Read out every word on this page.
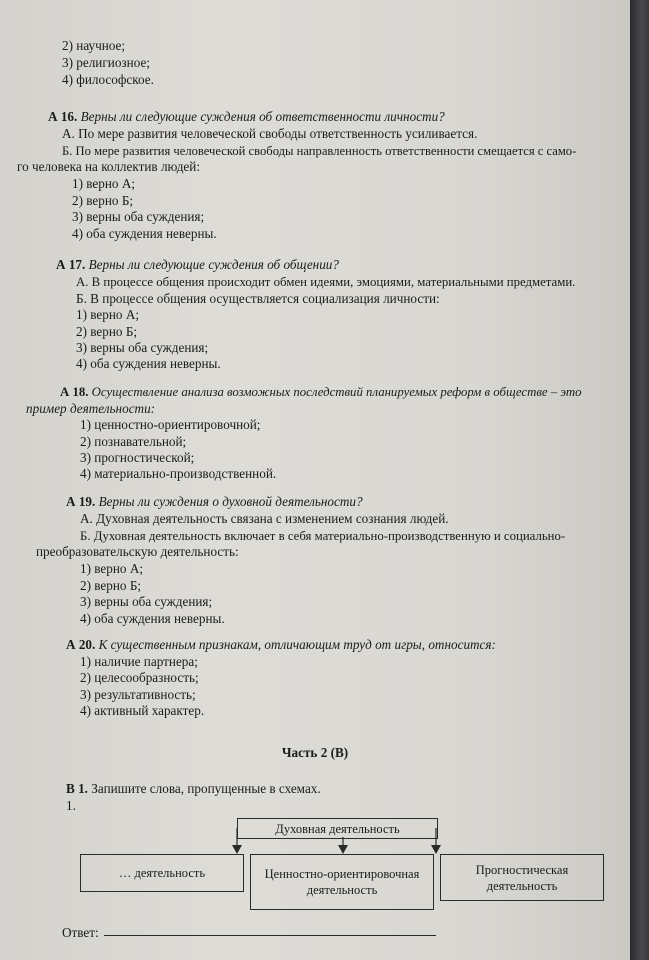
2) научное;
3) религиозное;
4) философское.
А 16. Верны ли следующие суждения об ответственности личности?
А. По мере развития человеческой свободы ответственность усиливается.
Б. По мере развития человеческой свободы направленность ответственности смещается с само-
го человека на коллектив людей:
1) верно А;
2) верно Б;
3) верны оба суждения;
4) оба суждения неверны.
А 17. Верны ли следующие суждения об общении?
А. В процессе общения происходит обмен идеями, эмоциями, материальными предметами.
Б. В процессе общения осуществляется социализация личности:
1) верно А;
2) верно Б;
3) верны оба суждения;
4) оба суждения неверны.
А 18. Осуществление анализа возможных последствий планируемых реформ в обществе – это
пример деятельности:
1) ценностно-ориентировочной;
2) познавательной;
3) прогностической;
4) материально-производственной.
А 19. Верны ли суждения о духовной деятельности?
А. Духовная деятельность связана с изменением сознания людей.
Б. Духовная деятельность включает в себя материально-производственную и социально-
преобразовательскую деятельность:
1) верно А;
2) верно Б;
3) верны оба суждения;
4) оба суждения неверны.
А 20. К существенным признакам, отличающим труд от игры, относится:
1) наличие партнера;
2) целесообразность;
3) результативность;
4) активный характер.
Часть 2 (В)
В 1. Запишите слова, пропущенные в схемах.
1.
Духовная деятельность
… деятельность	Ценностно-ориентировочная
деятельность
Прогностическая
деятельность
Ответ:
